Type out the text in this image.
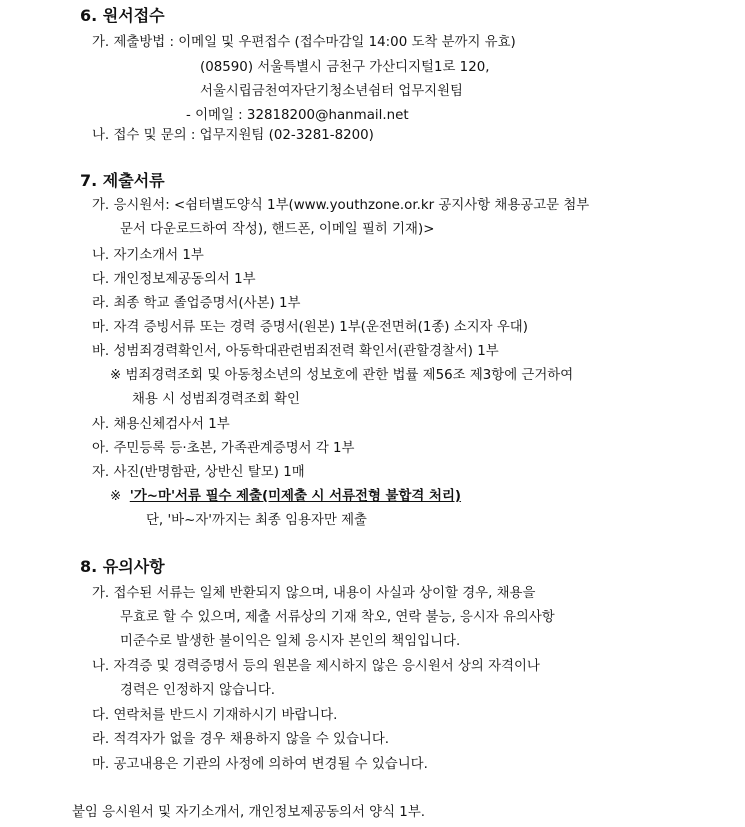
6. 원서접수
가. 제출방법 : 이메일 및 우편접수 (접수마감일 14:00 도착 분까지 유효)
(08590) 서울특별시 금천구 가산디지털1로 120,
서울시립금천여자단기청소년쉼터 업무지원팀
- 이메일 : 32818200@hanmail.net
나. 접수 및 문의 : 업무지원팀 (02-3281-8200)
7. 제출서류
가. 응시원서: <쉼터별도양식 1부(www.youthzone.or.kr 공지사항 채용공고문 첨부
문서 다운로드하여 작성), 핸드폰, 이메일 필히 기재)>
나. 자기소개서 1부
다. 개인정보제공동의서 1부
라. 최종 학교 졸업증명서(사본) 1부
마. 자격 증빙서류 또는 경력 증명서(원본) 1부(운전면허(1종) 소지자 우대)
바. 성범죄경력확인서, 아동학대관련범죄전력 확인서(관할경찰서) 1부
※ 범죄경력조회 및 아동청소년의 성보호에 관한 법률 제56조 제3항에 근거하여
채용 시 성범죄경력조회 확인
사. 채용신체검사서 1부
아. 주민등록 등·초본, 가족관계증명서 각 1부
자. 사진(반명함판, 상반신 탈모) 1매
※ '가~마'서류 필수 제출(미제출 시 서류전형 불합격 처리)
단, '바~자'까지는 최종 임용자만 제출
8. 유의사항
가. 접수된 서류는 일체 반환되지 않으며, 내용이 사실과 상이할 경우, 채용을
무효로 할 수 있으며, 제출 서류상의 기재 착오, 연락 불능, 응시자 유의사항
미준수로 발생한 불이익은 일체 응시자 본인의 책임입니다.
나. 자격증 및 경력증명서 등의 원본을 제시하지 않은 응시원서 상의 자격이나
경력은 인정하지 않습니다.
다. 연락처를 반드시 기재하시기 바랍니다.
라. 적격자가 없을 경우 채용하지 않을 수 있습니다.
마. 공고내용은 기관의 사정에 의하여 변경될 수 있습니다.
붙임 응시원서 및 자기소개서, 개인정보제공동의서 양식 1부.
